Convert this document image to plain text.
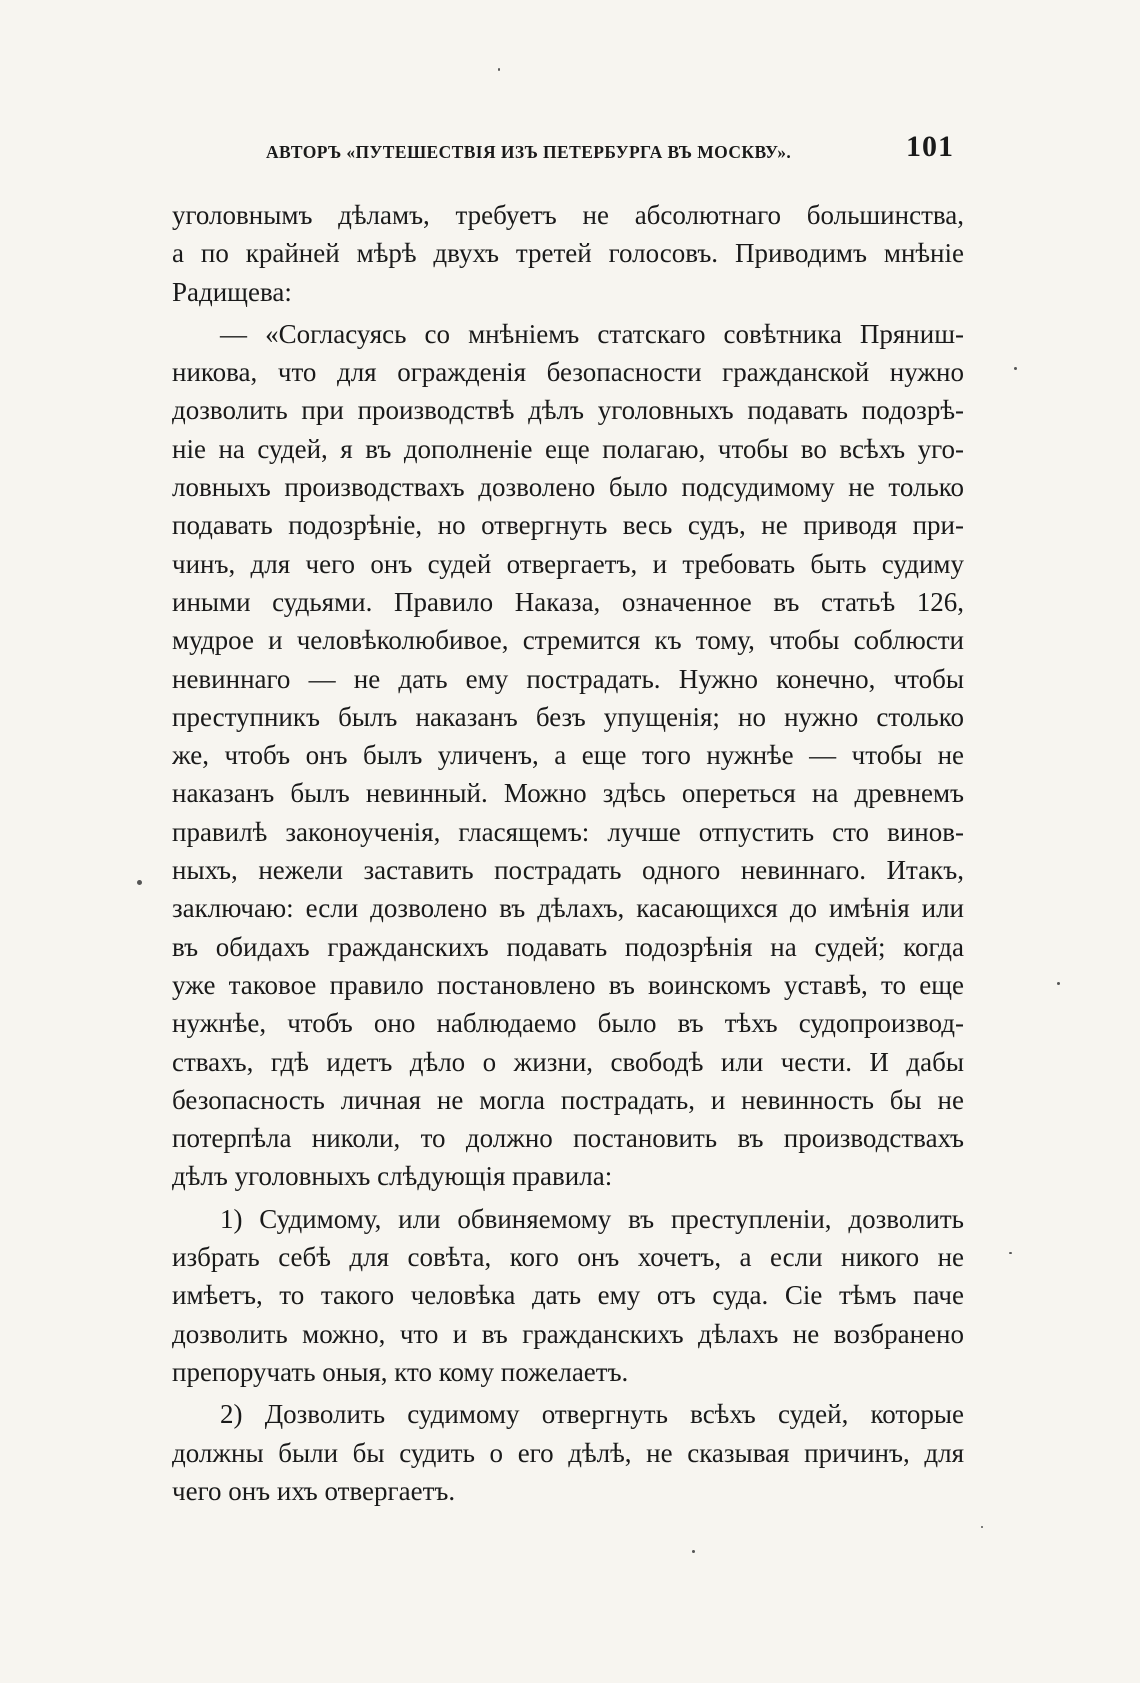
АВТОРЪ «ПУТЕШЕСТВІЯ ИЗЪ ПЕТЕРБУРГА ВЪ МОСКВУ».	101
уголовнымъ дѣламъ, требуетъ не абсолютнаго большинства,
а по крайней мѣрѣ двухъ третей голосовъ. Приводимъ мнѣніе
Радищева:
— «Согласуясь со мнѣніемъ статскаго совѣтника Пряниш-
никова, что для огражденія безопасности гражданской нужно
дозволить при производствѣ дѣлъ уголовныхъ подавать подозрѣ-
ніе на судей, я въ дополненіе еще полагаю, чтобы во всѣхъ уго-
ловныхъ производствахъ дозволено было подсудимому не только
подавать подозрѣніе, но отвергнуть весь судъ, не приводя при-
чинъ, для чего онъ судей отвергаетъ, и требовать быть судиму
иными судьями. Правило Наказа, означенное въ статьѣ 126,
мудрое и человѣколюбивое, стремится къ тому, чтобы соблюсти
невиннаго — не дать ему пострадать. Нужно конечно, чтобы
преступникъ былъ наказанъ безъ упущенія; но нужно столько
же, чтобъ онъ былъ уличенъ, а еще того нужнѣе — чтобы не
наказанъ былъ невинный. Можно здѣсь опереться на древнемъ
правилѣ законоученія, гласящемъ: лучше отпустить сто винов-
ныхъ, нежели заставить пострадать одного невиннаго. Итакъ,
заключаю: если дозволено въ дѣлахъ, касающихся до имѣнія или
въ обидахъ гражданскихъ подавать подозрѣнія на судей; когда
уже таковое правило постановлено въ воинскомъ уставѣ, то еще
нужнѣе, чтобъ оно наблюдаемо было въ тѣхъ судопроизвод-
ствахъ, гдѣ идетъ дѣло о жизни, свободѣ или чести. И дабы
безопасность личная не могла пострадать, и невинность бы не
потерпѣла николи, то должно постановить въ производствахъ
дѣлъ уголовныхъ слѣдующія правила:
1) Судимому, или обвиняемому въ преступленіи, дозволить
избрать себѣ для совѣта, кого онъ хочетъ, а если никого не
имѣетъ, то такого человѣка дать ему отъ суда. Сіе тѣмъ паче
дозволить можно, что и въ гражданскихъ дѣлахъ не возбранено
препоручать оныя, кто кому пожелаетъ.
2) Дозволить судимому отвергнуть всѣхъ судей, которые
должны были бы судить о его дѣлѣ, не сказывая причинъ, для
чего онъ ихъ отвергаетъ.
